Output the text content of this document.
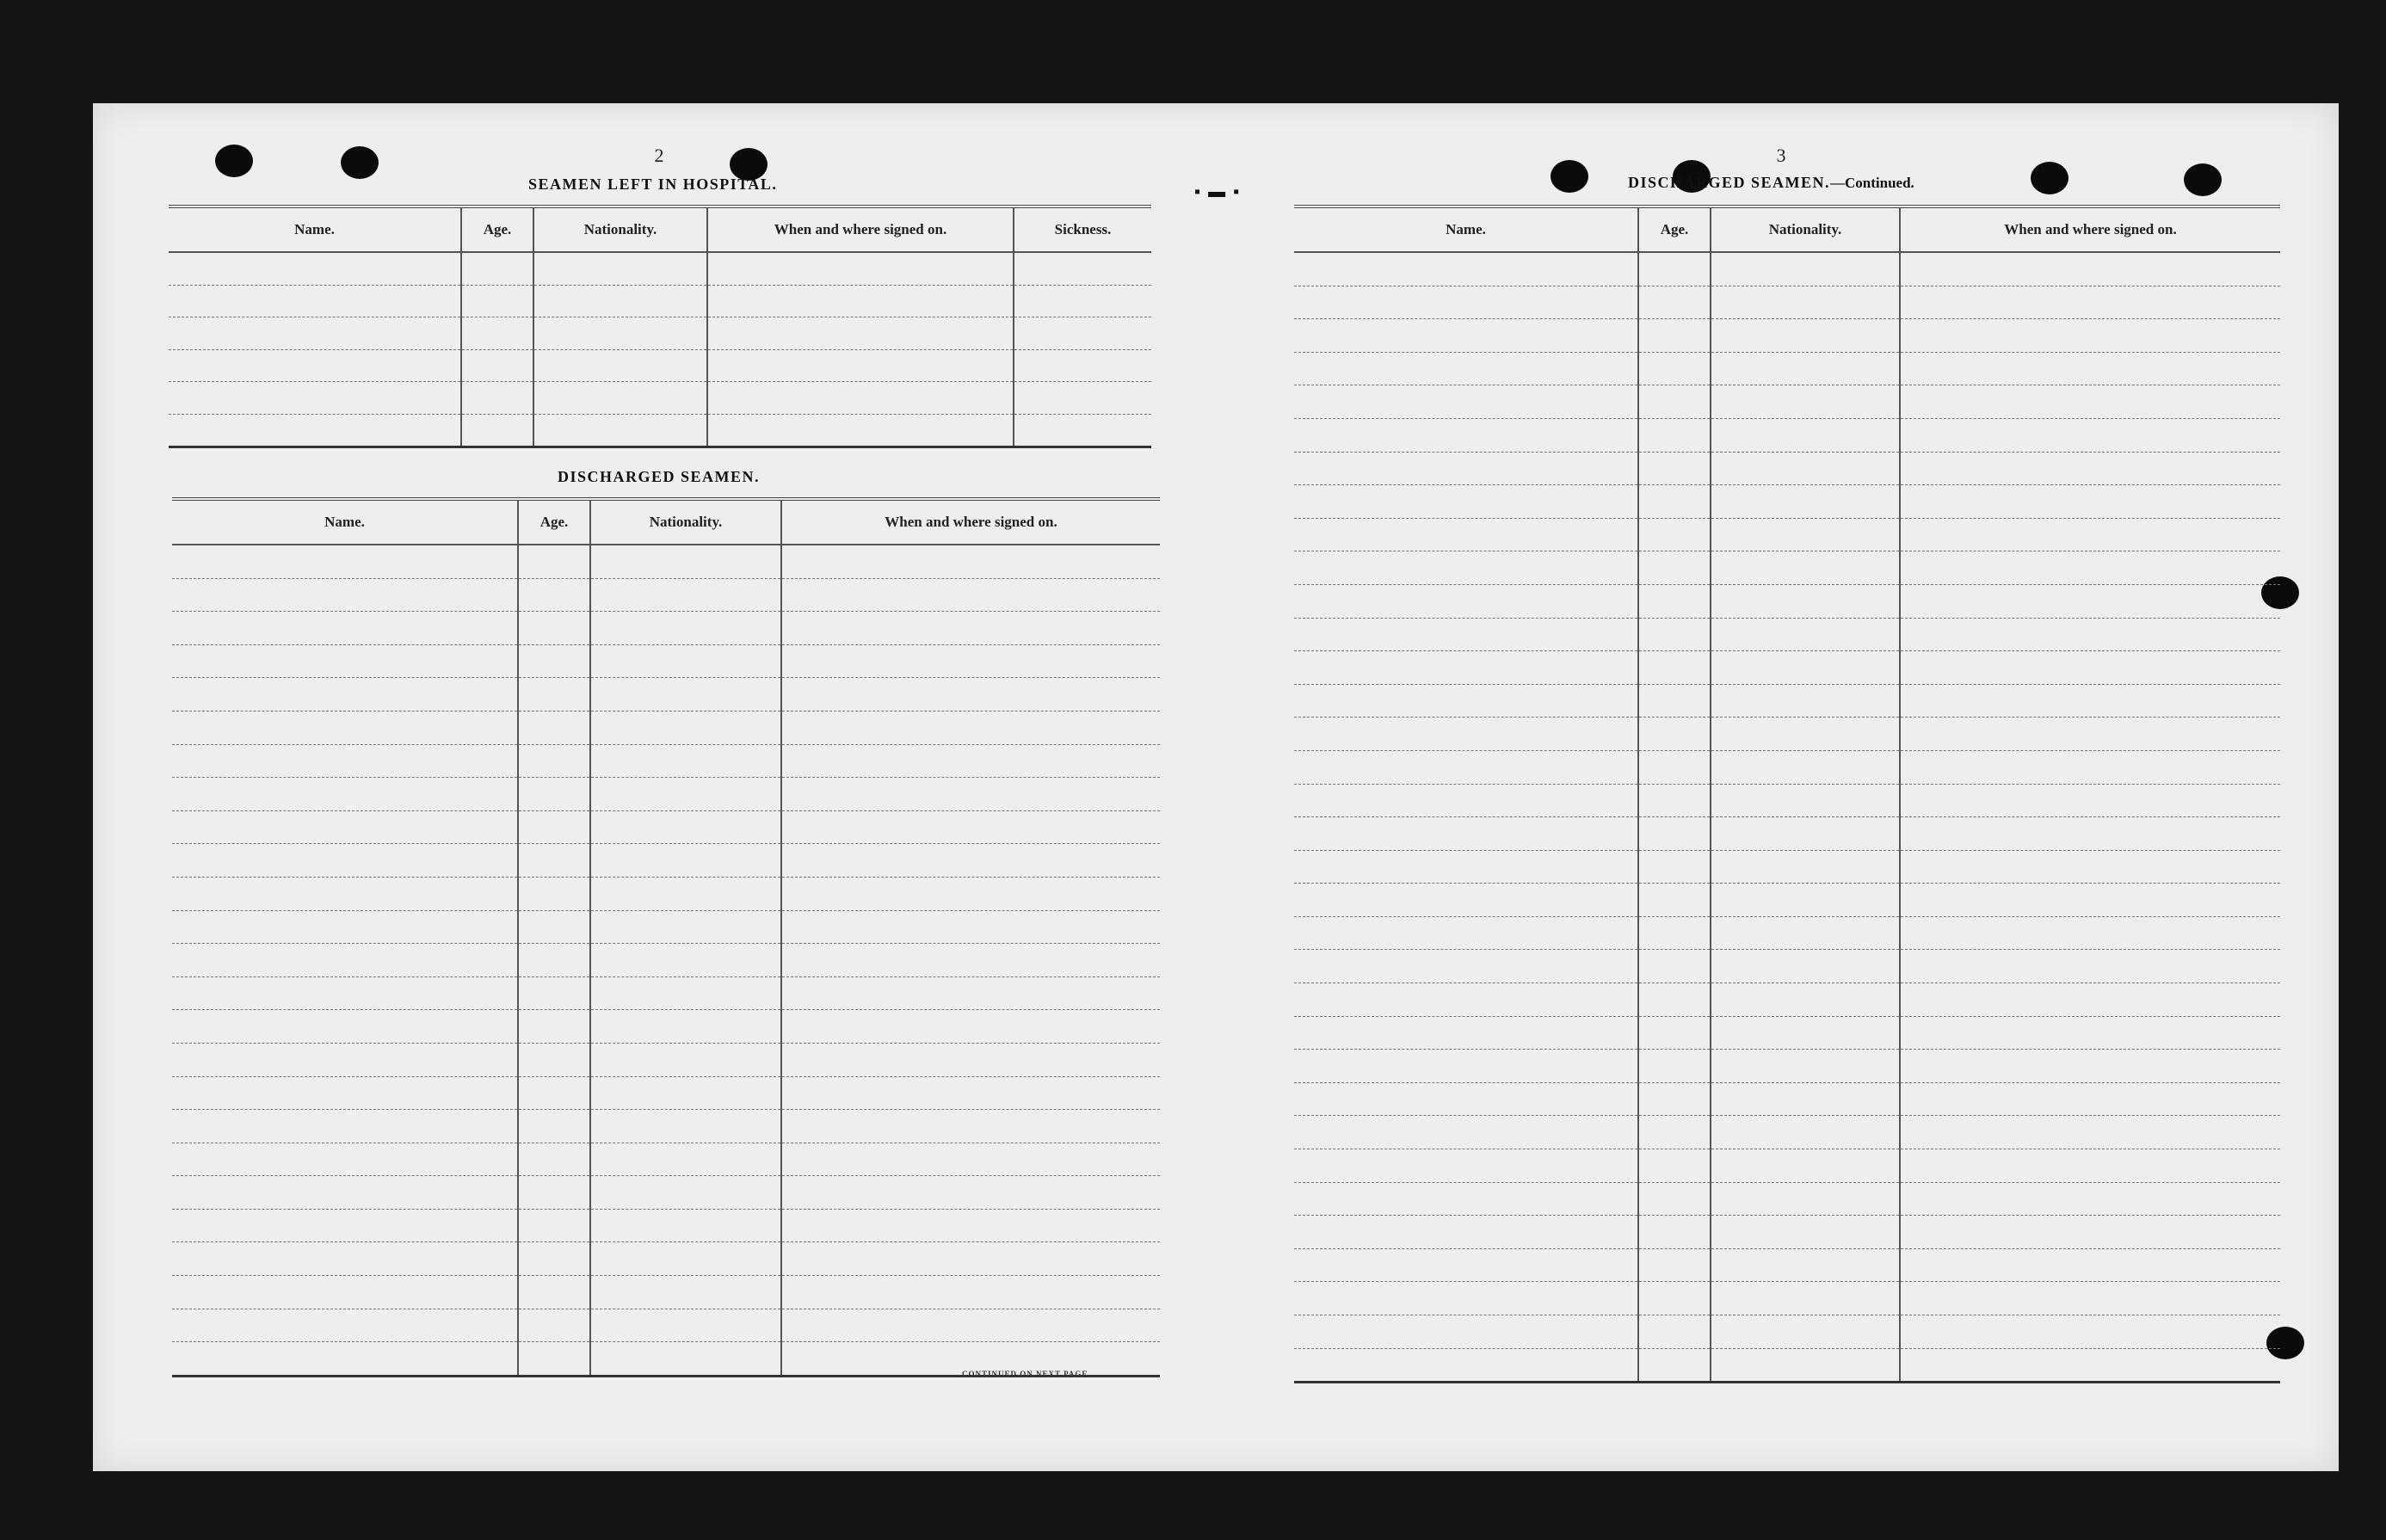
▪ ▬ ▪
2
SEAMEN LEFT IN HOSPITAL.
Name.	Age.	Nationality.	When and where signed on.	Sickness.

DISCHARGED SEAMEN.
Name.	Age.	Nationality.	When and where signed on.

CONTINUED ON NEXT PAGE.
3
DISCHARGED SEAMEN.—Continued.
Name.	Age.	Nationality.	When and where signed on.
